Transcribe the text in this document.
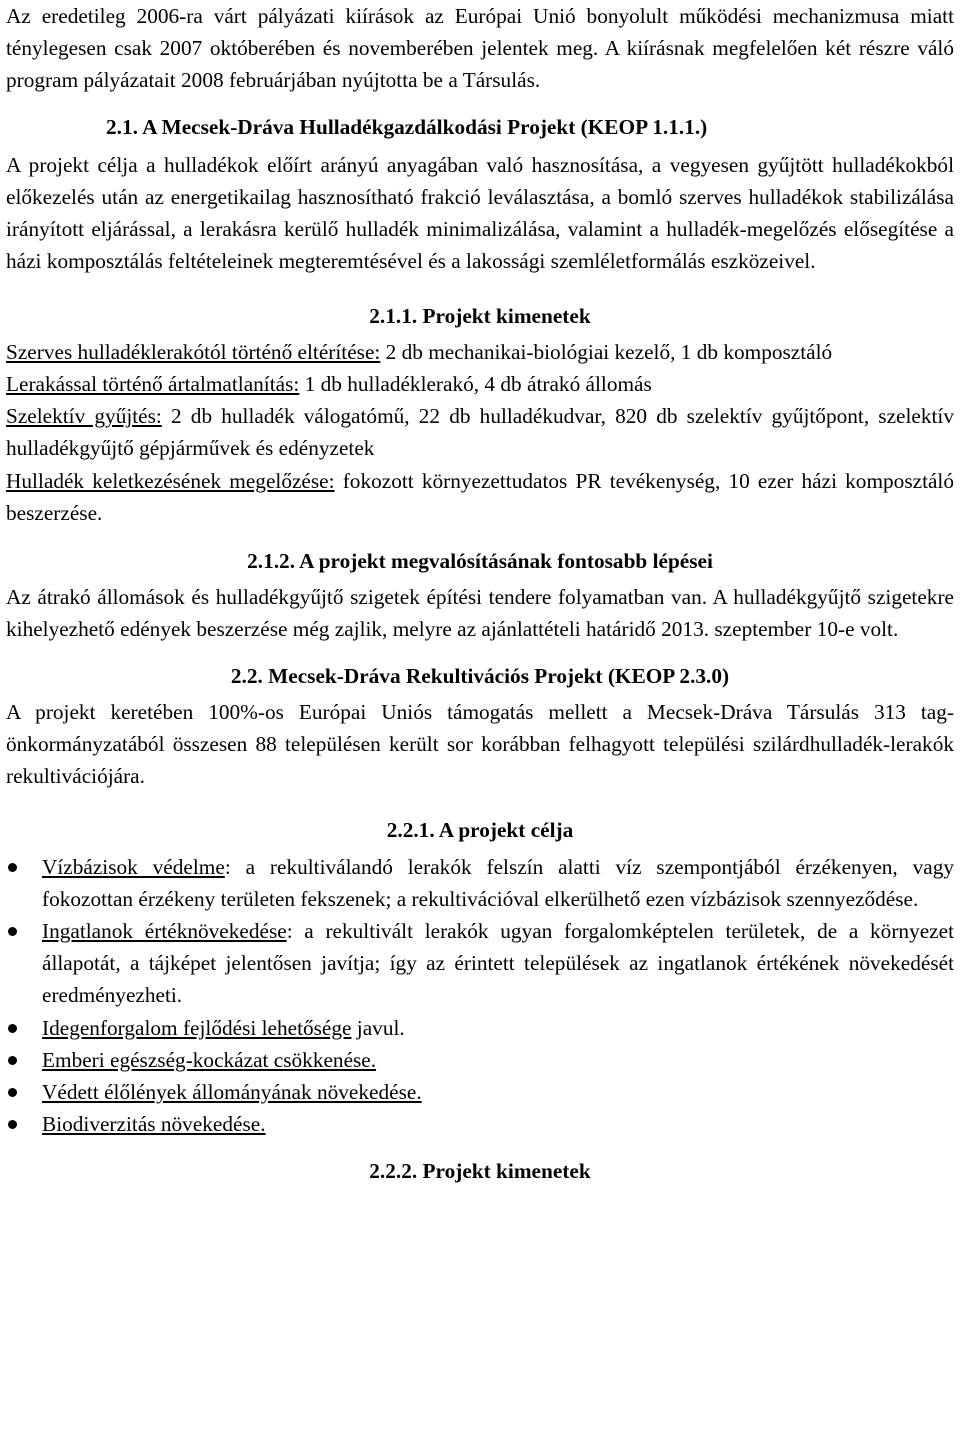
Az eredetileg 2006-ra várt pályázati kiírások az Európai Unió bonyolult működési mechanizmusa miatt ténylegesen csak 2007 októberében és novemberében jelentek meg. A kiírásnak megfelelően két részre váló program pályázatait 2008 februárjában nyújtotta be a Társulás.

2.1. A Mecsek-Dráva Hulladékgazdálkodási Projekt (KEOP 1.1.1.)

A projekt célja a hulladékok előírt arányú anyagában való hasznosítása, a vegyesen gyűjtött hulladékokból előkezelés után az energetikailag hasznosítható frakció leválasztása, a bomló szerves hulladékok stabilizálása irányított eljárással, a lerakásra kerülő hulladék minimalizálása, valamint a hulladék-megelőzés elősegítése a házi komposztálás feltételeinek megteremtésével és a lakossági szemléletformálás eszközeivel.

2.1.1. Projekt kimenetek

Szerves hulladéklerakótól történő eltérítése: 2 db mechanikai-biológiai kezelő, 1 db komposztáló

Lerakással történő ártalmatlanítás: 1 db hulladéklerakó, 4 db átrakó állomás

Szelektív gyűjtés: 2 db hulladék válogatómű, 22 db hulladékudvar, 820 db szelektív gyűjtőpont, szelektív hulladékgyűjtő gépjárművek és edényzetek

Hulladék keletkezésének megelőzése: fokozott környezettudatos PR tevékenység, 10 ezer házi komposztáló beszerzése.

2.1.2. A projekt megvalósításának fontosabb lépései

Az átrakó állomások és hulladékgyűjtő szigetek építési tendere folyamatban van. A hulladékgyűjtő szigetekre kihelyezhető edények beszerzése még zajlik, melyre az ajánlattételi határidő 2013. szeptember 10-e volt.

2.2. Mecsek-Dráva Rekultivációs Projekt (KEOP 2.3.0)

A projekt keretében 100%-os Európai Uniós támogatás mellett a Mecsek-Dráva Társulás 313 tag-önkormányzatából összesen 88 településen került sor korábban felhagyott települési szilárdhulladék-lerakók rekultivációjára.

2.2.1. A projekt célja

Vízbázisok védelme: a rekultiválandó lerakók felszín alatti víz szempontjából érzékenyen, vagy fokozottan érzékeny területen fekszenek; a rekultivációval elkerülhető ezen vízbázisok szennyeződése.
Ingatlanok értéknövekedése: a rekultivált lerakók ugyan forgalomképtelen területek, de a környezet állapotát, a tájképet jelentősen javítja; így az érintett települések az ingatlanok értékének növekedését eredményezheti.
Idegenforgalom fejlődési lehetősége javul.
Emberi egészség-kockázat csökkenése.
Védett élőlények állományának növekedése.
Biodiverzitás növekedése.

2.2.2. Projekt kimenetek
